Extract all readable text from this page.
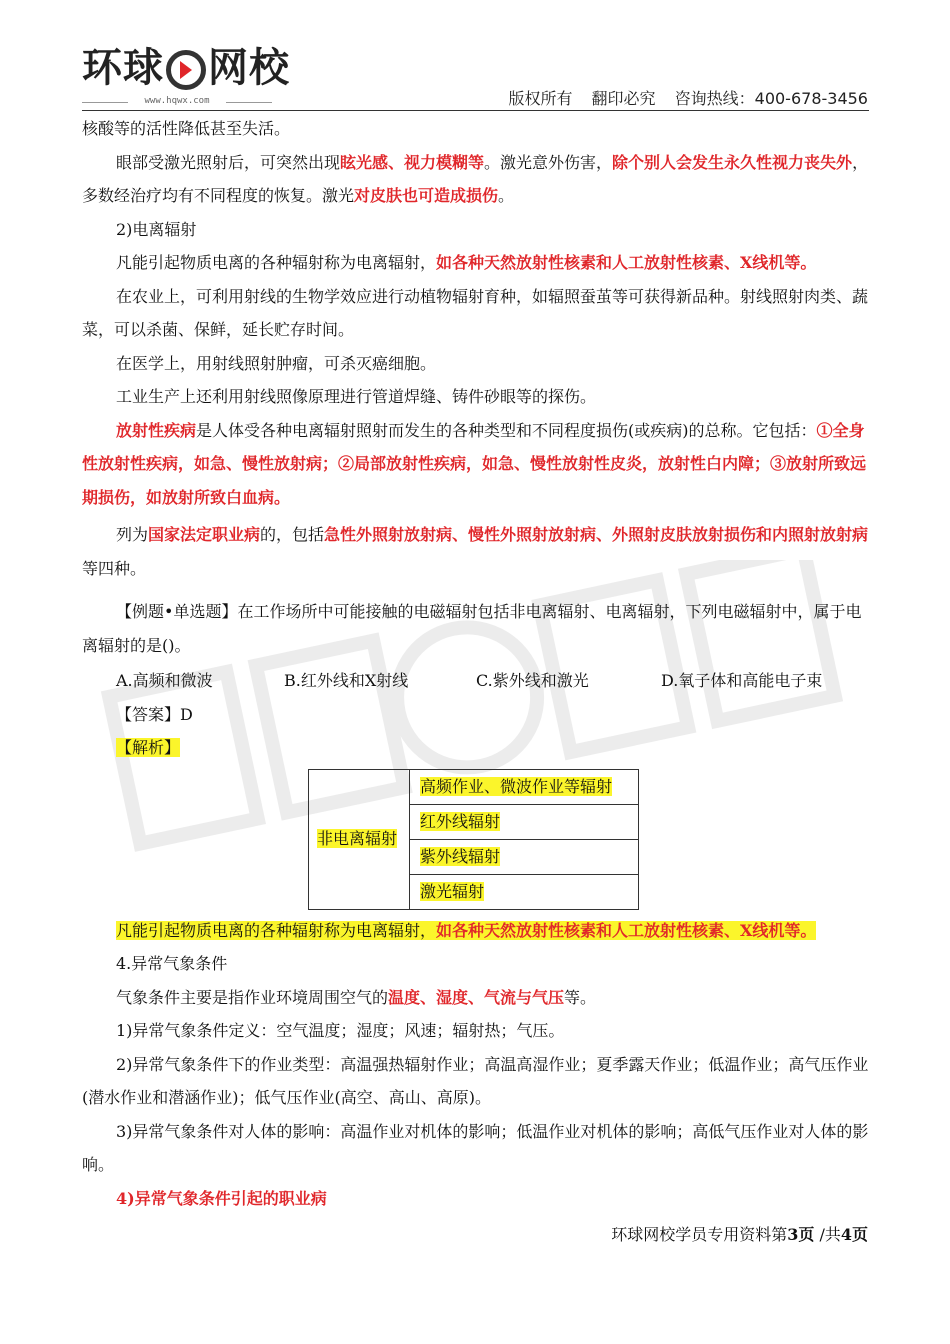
环球 网校
www.hqwx.com	版权所有 翻印必究 咨询热线：400-678-3456

核酸等的活性降低甚至失活。

眼部受激光照射后，可突然出现眩光感、视力模糊等。激光意外伤害，除个别人会发生永久性视力丧失外，多数经治疗均有不同程度的恢复。激光对皮肤也可造成损伤。

2)电离辐射

凡能引起物质电离的各种辐射称为电离辐射，如各种天然放射性核素和人工放射性核素、X线机等。

在农业上，可利用射线的生物学效应进行动植物辐射育种，如辐照蚕茧等可获得新品种。射线照射肉类、蔬菜，可以杀菌、保鲜，延长贮存时间。

在医学上，用射线照射肿瘤，可杀灭癌细胞。

工业生产上还利用射线照像原理进行管道焊缝、铸件砂眼等的探伤。

放射性疾病是人体受各种电离辐射照射而发生的各种类型和不同程度损伤(或疾病)的总称。它包括：①全身性放射性疾病，如急、慢性放射病；②局部放射性疾病，如急、慢性放射性皮炎，放射性白内障；③放射所致远期损伤，如放射所致白血病。

列为国家法定职业病的，包括急性外照射放射病、慢性外照射放射病、外照射皮肤放射损伤和内照射放射病等四种。

【例题•单选题】在工作场所中可能接触的电磁辐射包括非电离辐射、电离辐射，下列电磁辐射中，属于电离辐射的是()。

A.高频和微波	B.红外线和X射线	C.紫外线和激光	D.氧子体和高能电子束

【答案】D

【解析】

非电离辐射	高频作业、微波作业等辐射
红外线辐射
紫外线辐射
激光辐射

凡能引起物质电离的各种辐射称为电离辐射，如各种天然放射性核素和人工放射性核素、X线机等。

4.异常气象条件

气象条件主要是指作业环境周围空气的温度、湿度、气流与气压等。

1)异常气象条件定义：空气温度；湿度；风速；辐射热；气压。

2)异常气象条件下的作业类型：高温强热辐射作业；高温高湿作业；夏季露天作业；低温作业；高气压作业(潜水作业和潜涵作业)；低气压作业(高空、高山、高原)。

3)异常气象条件对人体的影响：高温作业对机体的影响；低温作业对机体的影响；高低气压作业对人体的影响。

4)异常气象条件引起的职业病

环球网校学员专用资料第3页 /共4页
